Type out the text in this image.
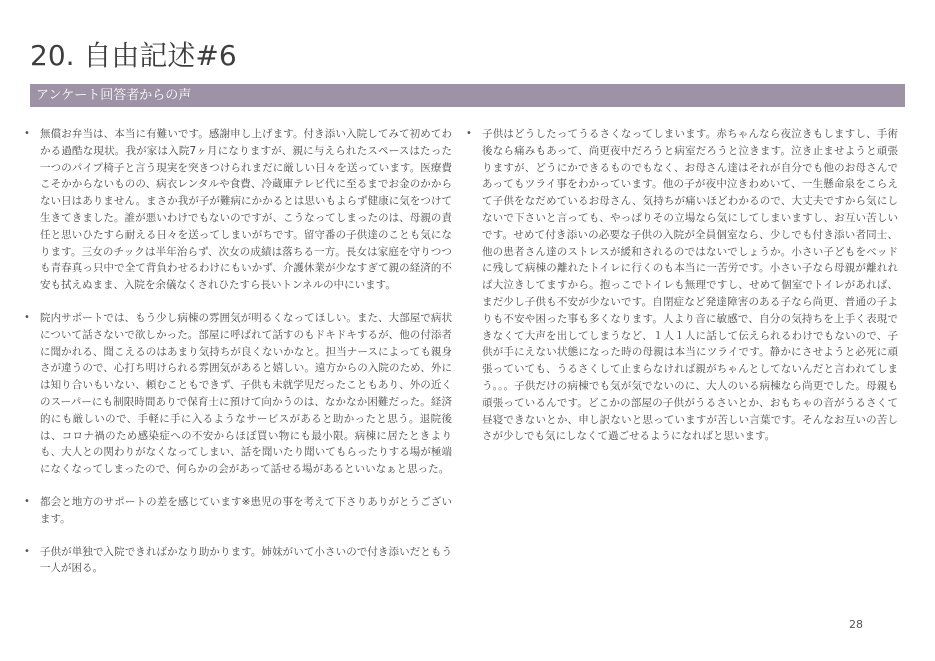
20. 自由記述#6
アンケート回答者からの声
• 無償お弁当は、本当に有難いです。感謝申し上げます。付き添い入院してみて初めてわかる過酷な現状。我が家は入院7ヶ月になりますが、親に与えられたスペースはたった一つのパイプ椅子と言う現実を突きつけられまだに厳しい日々を送っています。医療費こそかからないものの、病衣レンタルや食費、冷蔵庫テレビ代に至るまでお金のかからない日はありません。まさか我が子が難病にかかるとは思いもよらず健康に気をつけて生きてきました。誰が悪いわけでもないのですが、こうなってしまったのは、母親の責任と思いひたすら耐える日々を送ってしまいがちです。留守番の子供達のことも気になります。三女のチックは半年治らず、次女の成績は落ちる一方。長女は家庭を守りつつも青春真っ只中で全て背負わせるわけにもいかず、介護休業が少なすぎて親の経済的不安も拭えぬまま、入院を余儀なくされひたすら長いトンネルの中にいます。
• 院内サポートでは、もう少し病棟の雰囲気が明るくなってほしい。また、大部屋で病状について話さないで欲しかった。部屋に呼ばれて話すのもドキドキするが、他の付添者に聞かれる、聞こえるのはあまり気持ちが良くないかなと。担当ナースによっても親身さが違うので、心打ち明けられる雰囲気があると嬉しい。遠方からの入院のため、外には知り合いもいない、頼むこともできず、子供も未就学児だったこともあり、外の近くのスーパーにも制限時間ありで保育士に預けて向かうのは、なかなか困難だった。経済的にも厳しいので、手軽に手に入るようなサービスがあると助かったと思う。退院後は、コロナ禍のため感染症への不安からほぼ買い物にも最小限。病棟に居たときよりも、大人との関わりがなくなってしまい、話を聞いたり聞いてもらったりする場が極端になくなってしまったので、何らかの会があって話せる場があるといいなぁと思った。
• 都会と地方のサポートの差を感じています※患児の事を考えて下さりありがとうございます。
• 子供が単独で入院できればかなり助かります。姉妹がいて小さいので付き添いだともう一人が困る。
• 子供はどうしたってうるさくなってしまいます。赤ちゃんなら夜泣きもしますし、手術後なら痛みもあって、尚更夜中だろうと病室だろうと泣きます。泣き止ませようと頑張りますが、どうにかできるものでもなく、お母さん達はそれが自分でも他のお母さんであってもツライ事をわかっています。他の子が夜中泣きわめいて、一生懸命泉をこらえて子供をなだめているお母さん、気持ちが痛いほどわかるので、大丈夫ですから気にしないで下さいと言っても、やっぱりその立場なら気にしてしまいますし、お互い苦しいです。せめて付き添いの必要な子供の入院が全員個室なら、少しでも付き添い者同士、他の患者さん達のストレスが緩和されるのではないでしょうか。小さい子どもをベッドに残して病棟の離れたトイレに行くのも本当に一苦労です。小さい子なら母親が離れれば大泣きしてますから。抱っこでトイレも無理ですし、せめて個室でトイレがあれば、まだ少し子供も不安が少ないです。自閉症など発達障害のある子なら尚更、普通の子よりも不安や困った事も多くなります。人より音に敏感で、自分の気持ちを上手く表現できなくて大声を出してしまうなど、１人１人に話して伝えられるわけでもないので、子供が手にえない状態になった時の母親は本当にツライです。静かにさせようと必死に頑張っていても、うるさくして止まらなければ親がちゃんとしてないんだと言われてしまう。。。子供だけの病棟でも気が気でないのに、大人のいる病棟なら尚更でした。母親も頑張っているんです。どこかの部屋の子供がうるさいとか、おもちゃの音がうるさくて昼寝できないとか、申し訳ないと思っていますが苦しい言葉です。そんなお互いの苦しさが少しでも気にしなくて過ごせるようになればと思います。
28
